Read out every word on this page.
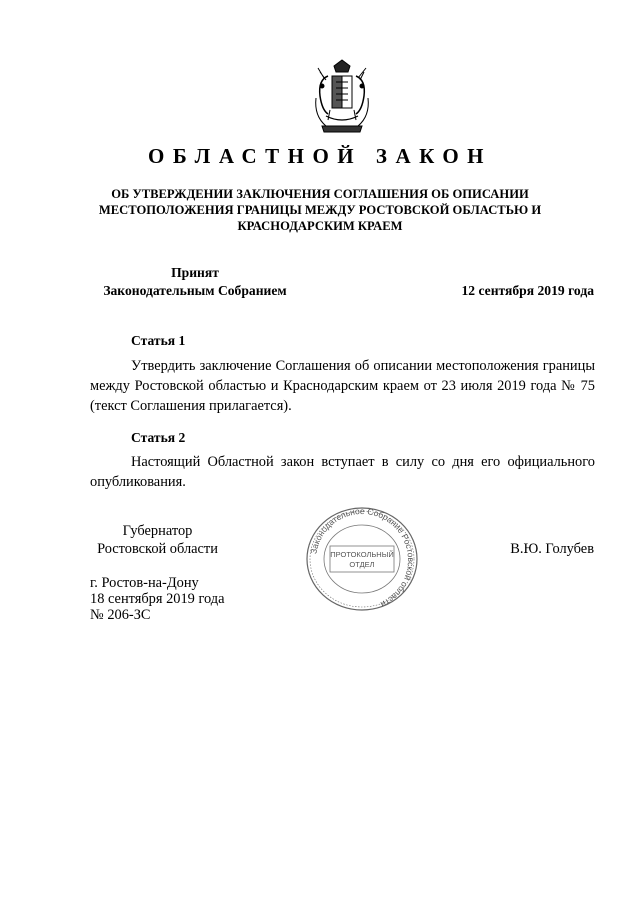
ОБЛАСТНОЙ ЗАКОН
ОБ УТВЕРЖДЕНИИ ЗАКЛЮЧЕНИЯ СОГЛАШЕНИЯ ОБ ОПИСАНИИ МЕСТОПОЛОЖЕНИЯ ГРАНИЦЫ МЕЖДУ РОСТОВСКОЙ ОБЛАСТЬЮ И КРАСНОДАРСКИМ КРАЕМ
Принят
Законодательным Собранием	12 сентября 2019 года
Статья 1

Утвердить заключение Соглашения об описании местоположения границы между Ростовской областью и Краснодарским краем от 23 июля 2019 года № 75 (текст Соглашения прилагается).

Статья 2

Настоящий Областной закон вступает в силу со дня его официального опубликования.

Губернатор
Ростовской области	В.Ю. Голубев
г. Ростов-на-Дону
18 сентября 2019 года
№ 206-ЗС
Законодательное Собрание Ростовской области
ПРОТОКОЛЬНЫЙ
ОТДЕЛ
